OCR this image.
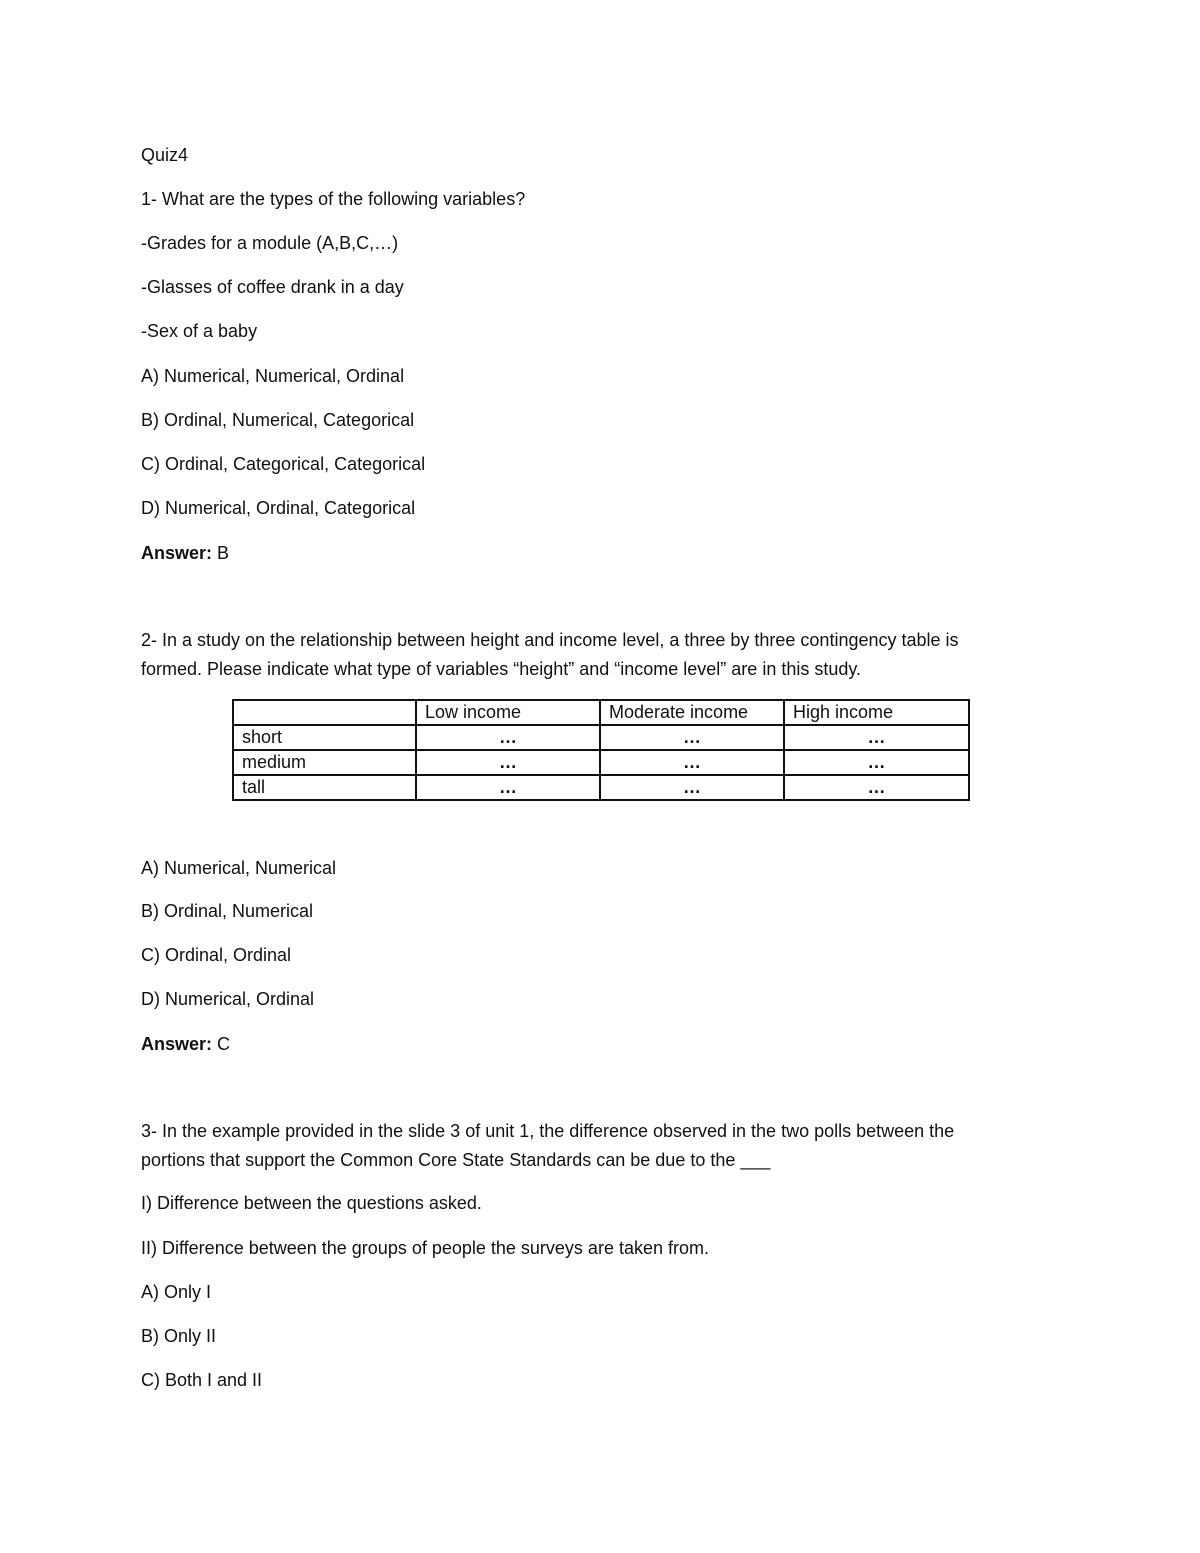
Quiz4
1- What are the types of the following variables?
-Grades for a module (A,B,C,…)
-Glasses of coffee drank in a day
-Sex of a baby
A) Numerical, Numerical, Ordinal
B) Ordinal, Numerical, Categorical
C) Ordinal, Categorical, Categorical
D) Numerical, Ordinal, Categorical
Answer: B
2- In a study on the relationship between height and income level, a three by three contingency table is
formed. Please indicate what type of variables “height” and “income level” are in this study.
	Low income	Moderate income	High income
short	…	…	…
medium	…	…	…
tall	…	…	…
A) Numerical, Numerical
B) Ordinal, Numerical
C) Ordinal, Ordinal
D) Numerical, Ordinal
Answer: C
3- In the example provided in the slide 3 of unit 1, the difference observed in the two polls between the
portions that support the Common Core State Standards can be due to the ___
I) Difference between the questions asked.
II) Difference between the groups of people the surveys are taken from.
A) Only I
B) Only II
C) Both I and II
